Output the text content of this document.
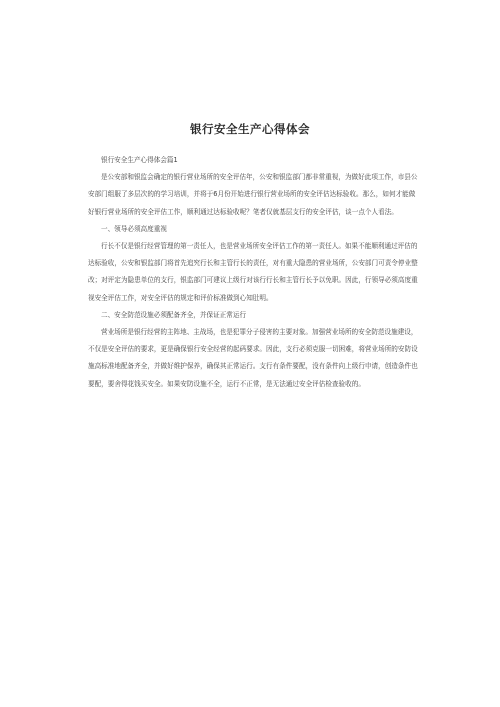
银行安全生产心得体会

银行安全生产心得体会篇1

是公安部和银监会确定的银行营业场所的安全评估年，公安和银监部门都非常重视，为做好此项工作，市县公安部门组服了多层次的的学习培训，并将于6月份开始进行银行营业场所的安全评估达标验收。那么，如何才能做好银行营业场所的安全评估工作，顺利通过达标验收呢？笔者仅就基层支行的安全评估，谈一点个人看法。

一、领导必须高度重视

行长不仅是银行经营管理的第一责任人，也是营业场所安全评估工作的第一责任人。如果不能顺利通过评估的达标验收，公安和银监部门将首先追究行长和主管行长的责任，对有重大隐患的营业场所，公安部门可责令停业整改；对评定为隐患单位的支行，银监部门可建议上级行对该行行长和主管行长予以免职。因此，行领导必须高度重视安全评估工作，对安全评估的规定和评价标准做到心知肚明。

二、安全防范设施必须配备齐全，并保证正常运行

营业场所是银行经营的主阵地、主战场，也是犯罪分子侵害的主要对象。加强营业场所的安全防范设施建设，不仅是安全评估的要求，更是确保银行安全经营的起码要求。因此，支行必须克服一切困难，将营业场所的安防设施高标准地配备齐全，并做好维护保养，确保其正常运行。支行有条件要配，没有条件向上级行申请，创造条件也要配，要舍得花钱买安全。如果安防设施不全，运行不正常，是无法通过安全评估检查验收的。
